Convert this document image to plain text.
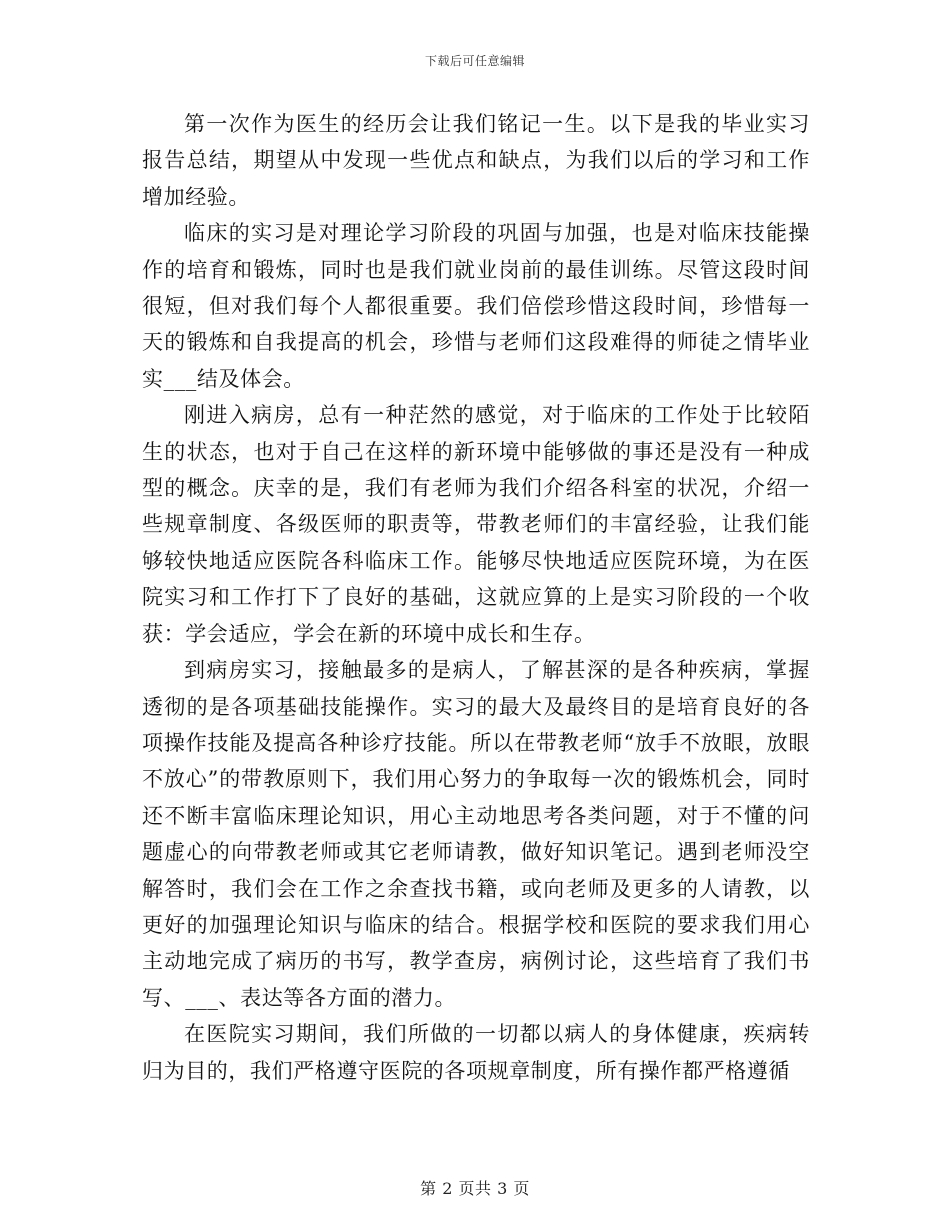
下载后可任意编辑

第一次作为医生的经历会让我们铭记一生。以下是我的毕业实习报告总结，期望从中发现一些优点和缺点，为我们以后的学习和工作增加经验。

临床的实习是对理论学习阶段的巩固与加强，也是对临床技能操作的培育和锻炼，同时也是我们就业岗前的最佳训练。尽管这段时间很短，但对我们每个人都很重要。我们倍偿珍惜这段时间，珍惜每一天的锻炼和自我提高的机会，珍惜与老师们这段难得的师徒之情毕业实___结及体会。

刚进入病房，总有一种茫然的感觉，对于临床的工作处于比较陌生的状态，也对于自己在这样的新环境中能够做的事还是没有一种成型的概念。庆幸的是，我们有老师为我们介绍各科室的状况，介绍一些规章制度、各级医师的职责等，带教老师们的丰富经验，让我们能够较快地适应医院各科临床工作。能够尽快地适应医院环境，为在医院实习和工作打下了良好的基础，这就应算的上是实习阶段的一个收获：学会适应，学会在新的环境中成长和生存。

到病房实习，接触最多的是病人，了解甚深的是各种疾病，掌握透彻的是各项基础技能操作。实习的最大及最终目的是培育良好的各项操作技能及提高各种诊疗技能。所以在带教老师“放手不放眼，放眼不放心”的带教原则下，我们用心努力的争取每一次的锻炼机会，同时还不断丰富临床理论知识，用心主动地思考各类问题，对于不懂的问题虚心的向带教老师或其它老师请教，做好知识笔记。遇到老师没空解答时，我们会在工作之余查找书籍，或向老师及更多的人请教，以更好的加强理论知识与临床的结合。根据学校和医院的要求我们用心主动地完成了病历的书写，教学查房，病例讨论，这些培育了我们书写、___、表达等各方面的潜力。

在医院实习期间，我们所做的一切都以病人的身体健康，疾病转归为目的，我们严格遵守医院的各项规章制度，所有操作都严格遵循

第 2 页共 3 页
